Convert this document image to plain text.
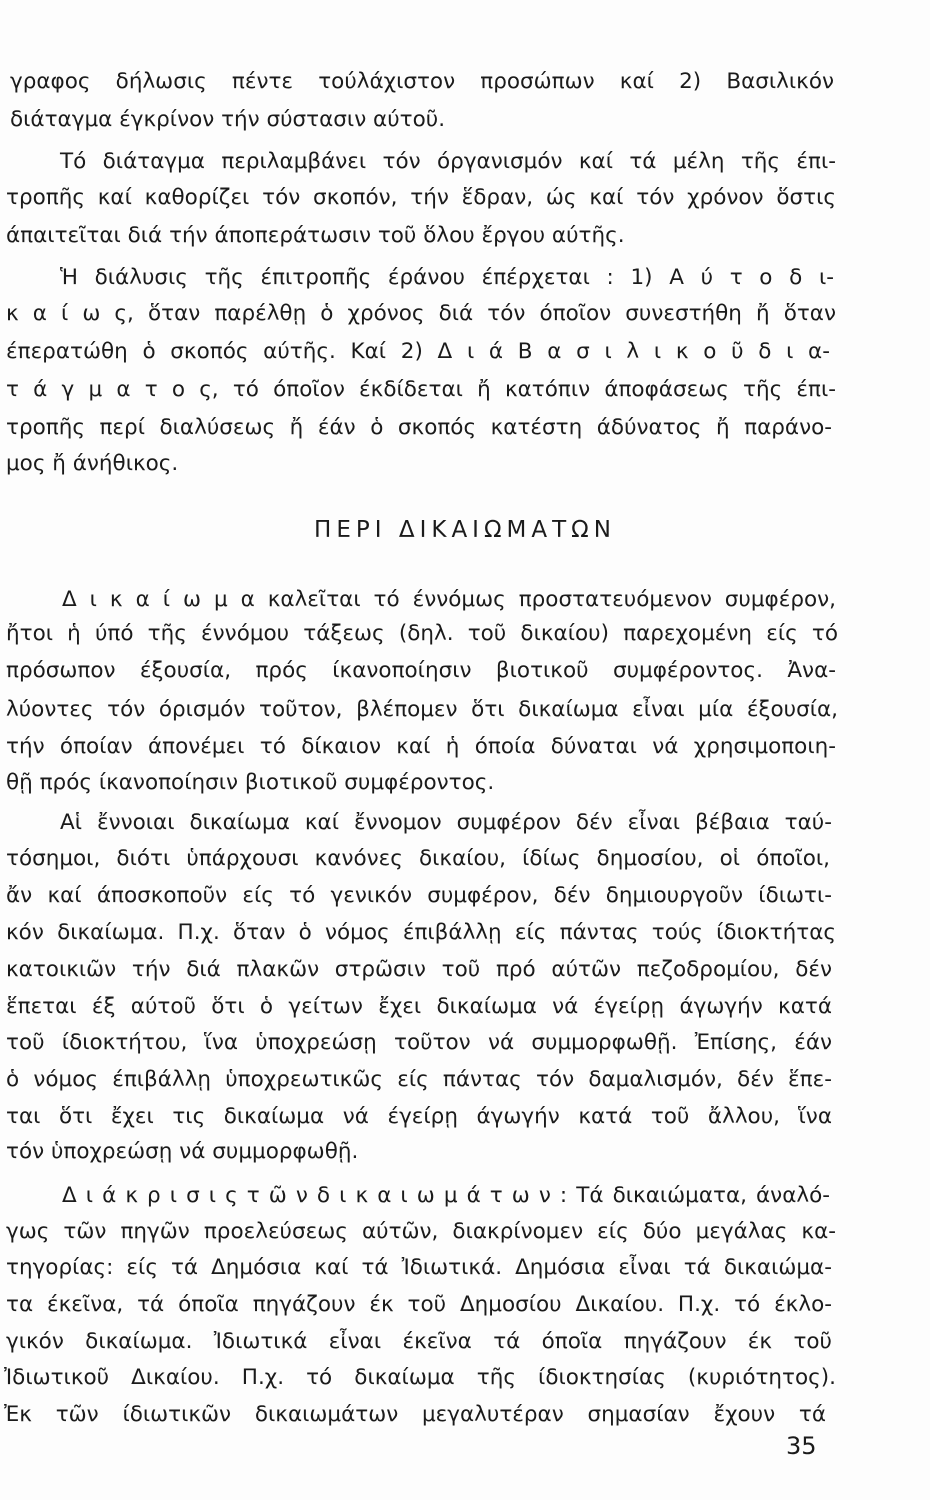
γραφος δήλωσις πέντε τούλάχιστον προσώπων καί 2) Βασιλικόν
διάταγμα έγκρίνον τήν σύστασιν αύτοῦ.
Τό διάταγμα περιλαμβάνει τόν όργανισμόν καί τά μέλη τῆς έπι-
τροπῆς καί καθορίζει τόν σκοπόν, τήν ἕδραν, ώς καί τόν χρόνον ὅστις
άπαιτεῖται διά τήν άποπεράτωσιν τοῦ ὅλου ἔργου αύτῆς.
Ἡ διάλυσις τῆς έπιτροπῆς έράνου έπέρχεται : 1) Α ύ τ ο δ ι-
κ α ί ω ς, ὅταν παρέλθῃ ὁ χρόνος διά τόν όποῖον συνεστήθη ἤ ὅταν
έπερατώθη ὁ σκοπός αύτῆς. Καί 2) Δ ι ά Β α σ ι λ ι κ ο ῦ δ ι α-
τ ά γ μ α τ ο ς, τό όποῖον έκδίδεται ἤ κατόπιν άποφάσεως τῆς έπι-
τροπῆς περί διαλύσεως ἤ έάν ὁ σκοπός κατέστη άδύνατος ἤ παράνο-
μος ἤ άνήθικος.
ΠΕΡΙ ΔΙΚΑΙΩΜΑΤΩΝ
Δ ι κ α ί ω μ α καλεῖται τό έννόμως προστατευόμενον συμφέρον,
ἤτοι ἡ ύπό τῆς έννόμου τάξεως (δηλ. τοῦ δικαίου) παρεχομένη είς τό
πρόσωπον έξουσία, πρός ίκανοποίησιν βιοτικοῦ συμφέροντος. Ἀνα-
λύοντες τόν όρισμόν τοῦτον, βλέπομεν ὅτι δικαίωμα εἶναι μία έξουσία,
τήν όποίαν άπονέμει τό δίκαιον καί ἡ όποία δύναται νά χρησιμοποιη-
θῇ πρός ίκανοποίησιν βιοτικοῦ συμφέροντος.
Αἱ ἔννοιαι δικαίωμα καί ἔννομον συμφέρον δέν εἶναι βέβαια ταύ-
τόσημοι, διότι ὑπάρχουσι κανόνες δικαίου, ίδίως δημοσίου, οἱ όποῖοι,
ἄν καί άποσκοποῦν είς τό γενικόν συμφέρον, δέν δημιουργοῦν ίδιωτι-
κόν δικαίωμα. Π.χ. ὅταν ὁ νόμος έπιβάλλῃ είς πάντας τούς ίδιοκτήτας
κατοικιῶν τήν διά πλακῶν στρῶσιν τοῦ πρό αύτῶν πεζοδρομίου, δέν
ἕπεται έξ αύτοῦ ὅτι ὁ γείτων ἔχει δικαίωμα νά έγείρῃ άγωγήν κατά
τοῦ ίδιοκτήτου, ἵνα ὑποχρεώσῃ τοῦτον νά συμμορφωθῇ. Ἐπίσης, έάν
ὁ νόμος έπιβάλλῃ ὑποχρεωτικῶς είς πάντας τόν δαμαλισμόν, δέν ἕπε-
ται ὅτι ἔχει τις δικαίωμα νά έγείρῃ άγωγήν κατά τοῦ ἄλλου, ἵνα
τόν ὑποχρεώσῃ νά συμμορφωθῇ.
Δ ι ά κ ρ ι σ ι ς τ ῶ ν δ ι κ α ι ω μ ά τ ω ν : Τά δικαιώματα, άναλό-
γως τῶν πηγῶν προελεύσεως αύτῶν, διακρίνομεν είς δύο μεγάλας κα-
τηγορίας: είς τά Δημόσια καί τά Ἰδιωτικά. Δημόσια εἶναι τά δικαιώμα-
τα έκεῖνα, τά όποῖα πηγάζουν έκ τοῦ Δημοσίου Δικαίου. Π.χ. τό έκλο-
γικόν δικαίωμα. Ἰδιωτικά εἶναι έκεῖνα τά όποῖα πηγάζουν έκ τοῦ
Ἰδιωτικοῦ Δικαίου. Π.χ. τό δικαίωμα τῆς ίδιοκτησίας (κυριότητος).
Ἐκ τῶν ίδιωτικῶν δικαιωμάτων μεγαλυτέραν σημασίαν ἔχουν τά
35
